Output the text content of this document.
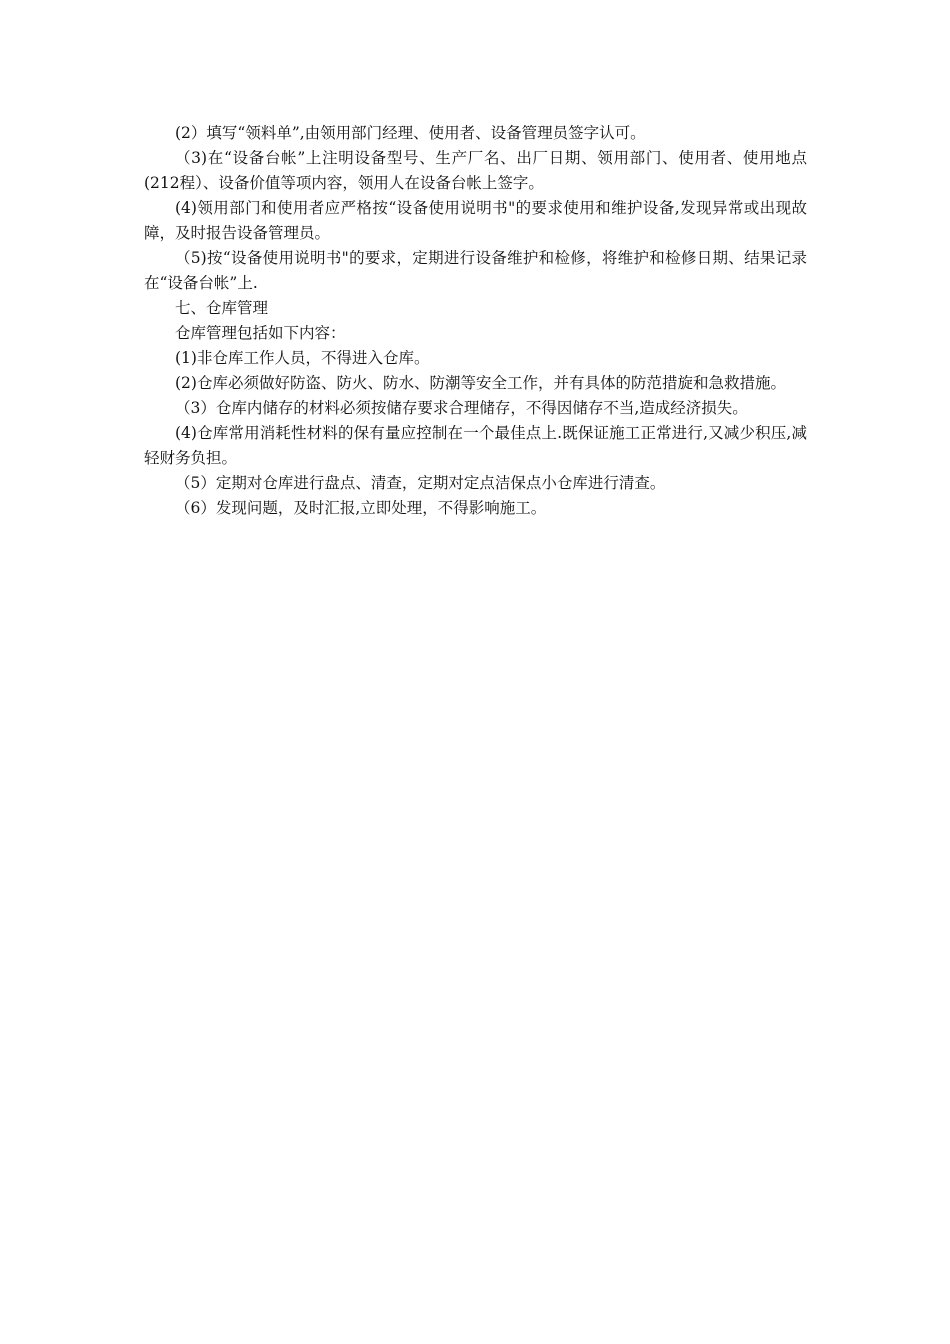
(2）填写“领料单”,由领用部门经理、使用者、设备管理员签字认可。

（3)在“设备台帐”上注明设备型号、生产厂名、出厂日期、领用部门、使用者、使用地点(212程）、设备价值等项内容，领用人在设备台帐上签字。

(4)领用部门和使用者应严格按“设备使用说明书"的要求使用和维护设备,发现异常或出现故障，及时报告设备管理员。

（5)按“设备使用说明书"的要求，定期进行设备维护和检修，将维护和检修日期、结果记录在“设备台帐”上.

七、仓库管理

仓库管理包括如下内容：

(1)非仓库工作人员，不得进入仓库。

(2)仓库必须做好防盗、防火、防水、防潮等安全工作，并有具体的防范措旋和急救措施。

（3）仓库内储存的材料必须按储存要求合理储存，不得因储存不当,造成经济损失。

(4)仓库常用消耗性材料的保有量应控制在一个最佳点上.既保证施工正常进行,又减少积压,减轻财务负担。

（5）定期对仓库进行盘点、清查，定期对定点洁保点小仓库进行清查。

（6）发现问题，及时汇报,立即处理，不得影响施工。
